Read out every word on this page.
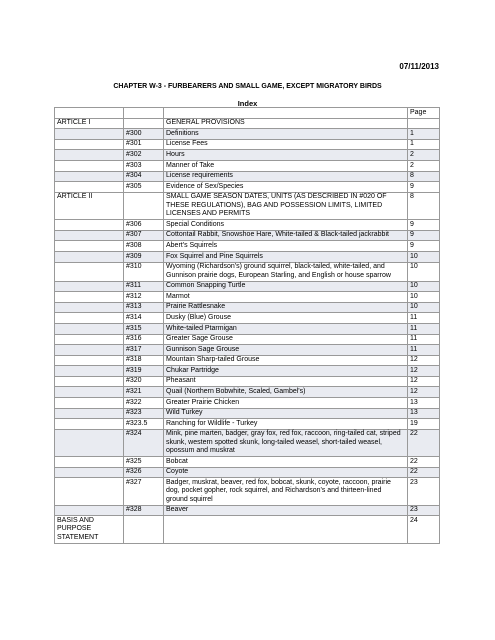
07/11/2013
CHAPTER W-3 - FURBEARERS AND SMALL GAME, EXCEPT MIGRATORY BIRDS
Index
			Page
ARTICLE I		GENERAL PROVISIONS	
	#300	Definitions	1
	#301	License Fees	1
	#302	Hours	2
	#303	Manner of Take	2
	#304	License requirements	8
	#305	Evidence of Sex/Species	9
ARTICLE II		SMALL GAME SEASON DATES, UNITS (AS DESCRIBED IN #020 OF THESE REGULATIONS), BAG AND POSSESSION LIMITS, LIMITED LICENSES AND PERMITS	8
	#306	Special Conditions	9
	#307	Cottontail Rabbit, Snowshoe Hare, White-tailed & Black-tailed jackrabbit	9
	#308	Abert's Squirrels	9
	#309	Fox Squirrel and Pine Squirrels	10
	#310	Wyoming (Richardson's) ground squirrel, black-tailed, white-tailed, and Gunnison prairie dogs, European Starling, and English or house sparrow	10
	#311	Common Snapping Turtle	10
	#312	Marmot	10
	#313	Prairie Rattlesnake	10
	#314	Dusky (Blue) Grouse	11
	#315	White-tailed Ptarmigan	11
	#316	Greater Sage Grouse	11
	#317	Gunnison Sage Grouse	11
	#318	Mountain Sharp-tailed Grouse	12
	#319	Chukar Partridge	12
	#320	Pheasant	12
	#321	Quail (Northern Bobwhite, Scaled, Gambel's)	12
	#322	Greater Prairie Chicken	13
	#323	Wild Turkey	13
	#323.5	Ranching for Wildlife - Turkey	19
	#324	Mink, pine marten, badger, gray fox, red fox, raccoon, ring-tailed cat, striped skunk, western spotted skunk, long-tailed weasel, short-tailed weasel, opossum and muskrat	22
	#325	Bobcat	22
	#326	Coyote	22
	#327	Badger, muskrat, beaver, red fox, bobcat, skunk, coyote, raccoon, prairie dog, pocket gopher, rock squirrel, and Richardson's and thirteen-lined ground squirrel	23
	#328	Beaver	23
BASIS AND PURPOSE STATEMENT			24
